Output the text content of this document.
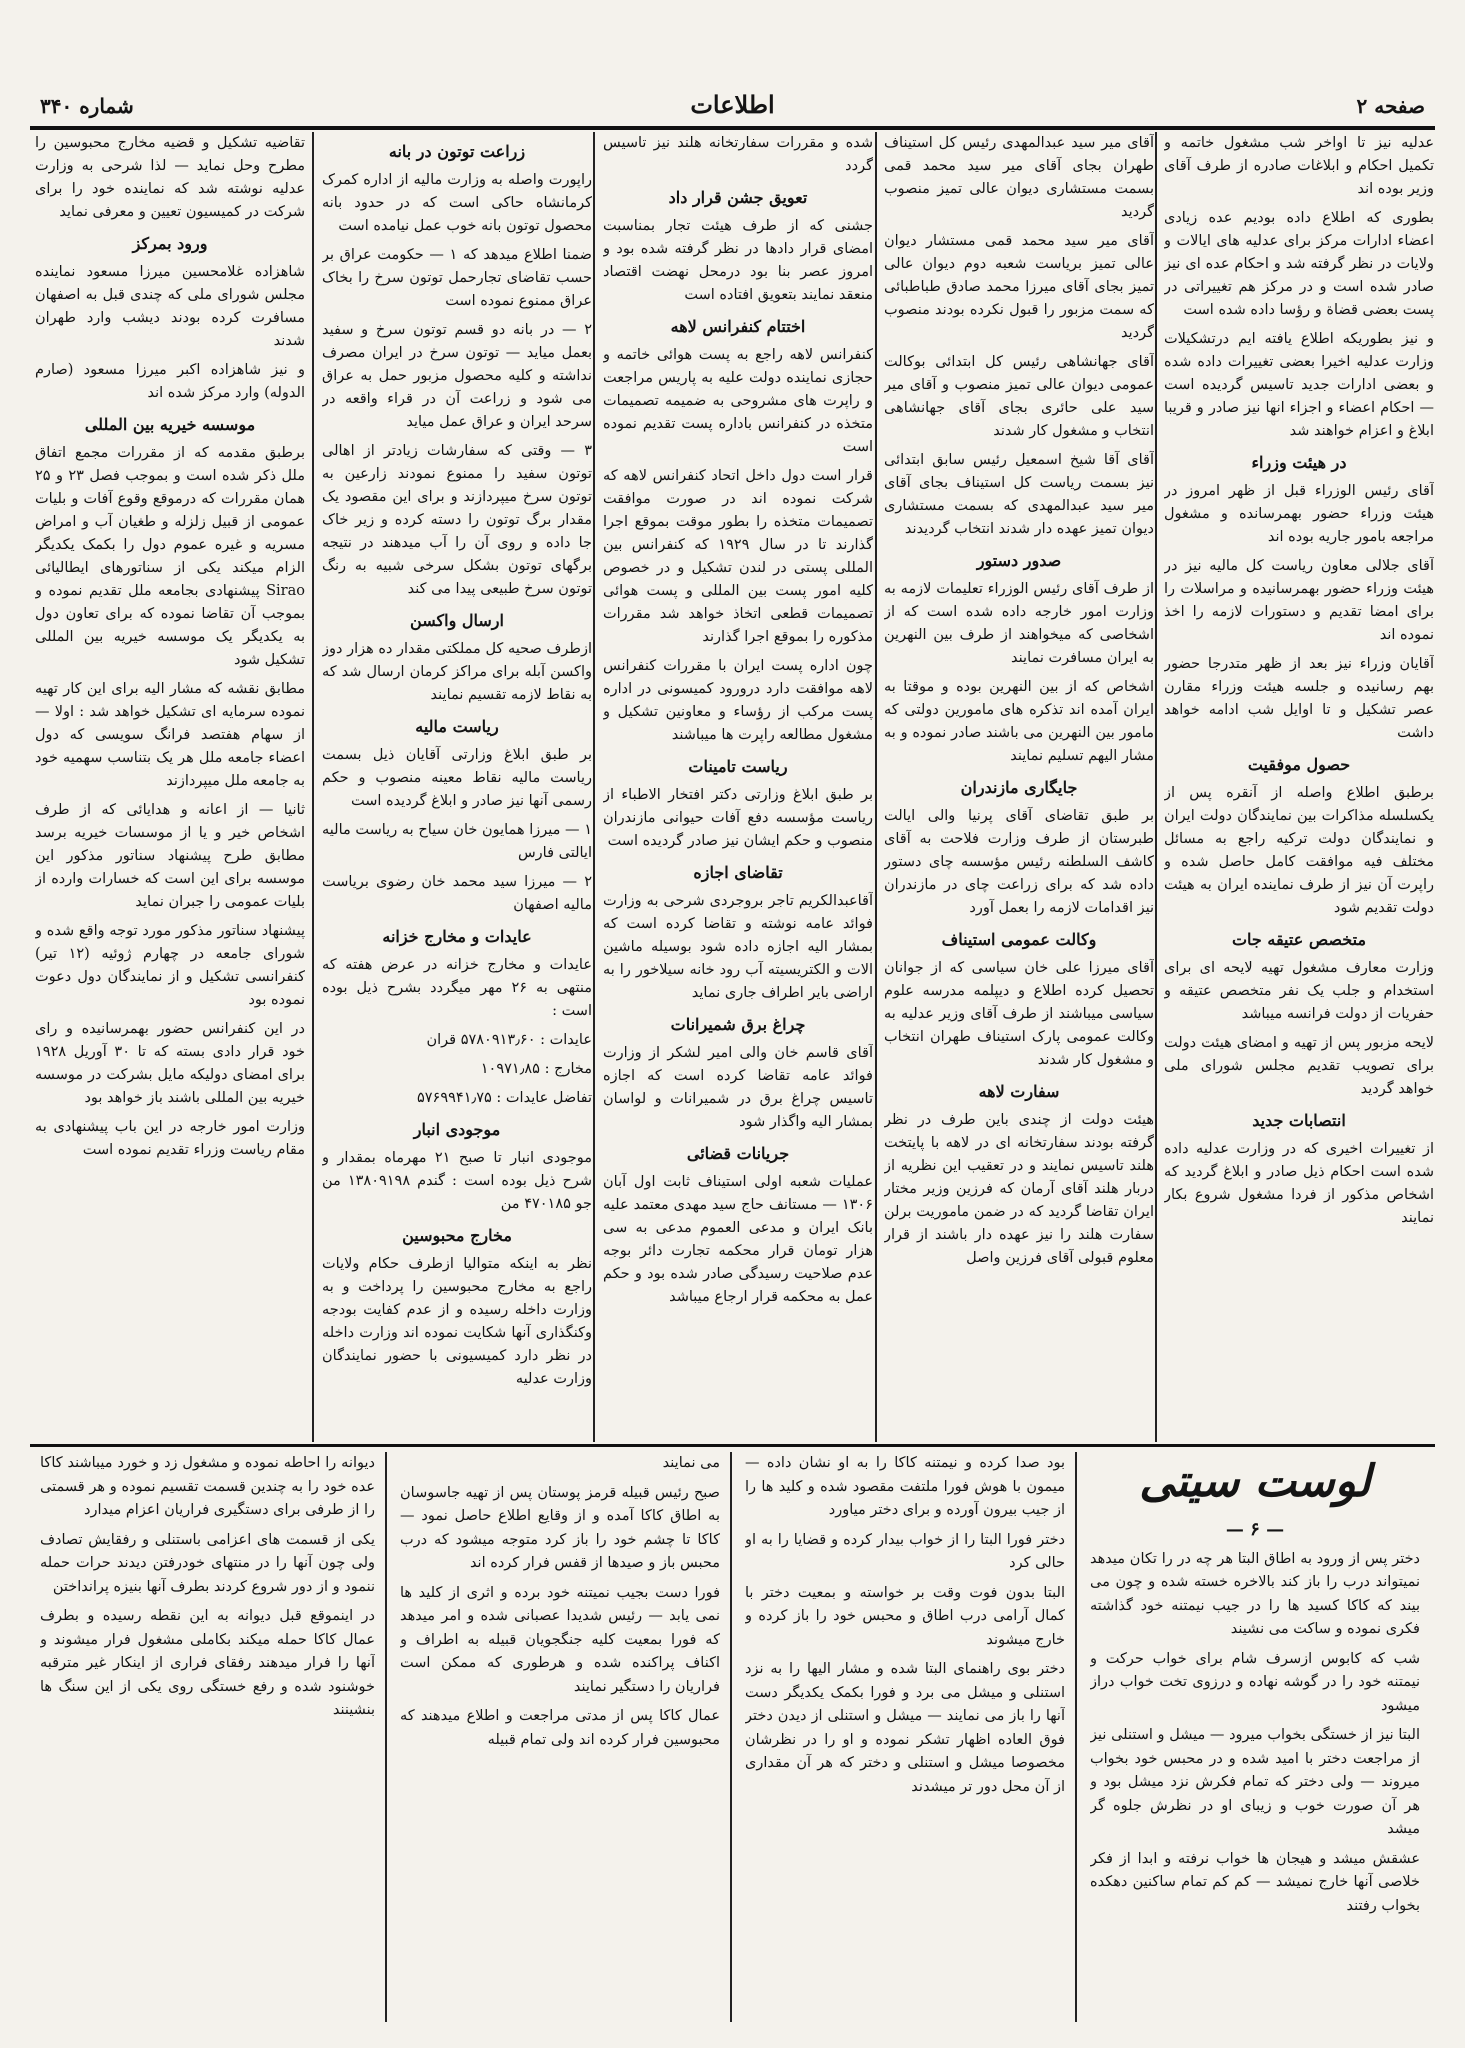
صفحه ۲
اطلاعات
شماره ۳۴۰

عدلیه نیز تا اواخر شب مشغول خاتمه و تکمیل احکام و ابلاغات صادره از طرف آقای وزیر بوده اند

بطوری که اطلاع داده بودیم عده زیادی اعضاء ادارات مرکز برای عدلیه های ایالات و ولایات در نظر گرفته شد و احکام عده ای نیز صادر شده است و در مرکز هم تغییراتی در پست بعضی قضاة و رؤسا داده شده است

و نیز بطوریکه اطلاع یافته ایم درتشکیلات وزارت عدلیه اخیرا بعضی تغییرات داده شده و بعضی ادارات جدید تاسیس گردیده است — احکام اعضاء و اجزاء انها نیز صادر و قریبا ابلاغ و اعزام خواهند شد

در هیئت وزراء

آقای رئیس الوزراء قبل از ظهر امروز در هیئت وزراء حضور بهمرسانده و مشغول مراجعه بامور جاریه بوده اند

آقای جلالی معاون ریاست کل مالیه نیز در هیئت وزراء حضور بهمرسانیده و مراسلات را برای امضا تقدیم و دستورات لازمه را اخذ نموده اند

آقایان وزراء نیز بعد از ظهر متدرجا حضور بهم رسانیده و جلسه هیئت وزراء مقارن عصر تشکیل و تا اوایل شب ادامه خواهد داشت

حصول موفقیت

برطبق اطلاع واصله از آنقره پس از یکسلسله مذاکرات بین نمایندگان دولت ایران و نمایندگان دولت ترکیه راجع به مسائل مختلف فیه موافقت کامل حاصل شده و راپرت آن نیز از طرف نماینده ایران به هیئت دولت تقدیم شود

متخصص عتیقه جات

وزارت معارف مشغول تهیه لایحه ای برای استخدام و جلب یک نفر متخصص عتیقه و حفریات از دولت فرانسه میباشد

لایحه مزبور پس از تهیه و امضای هیئت دولت برای تصویب تقدیم مجلس شورای ملی خواهد گردید

انتصابات جدید

از تغییرات اخیری که در وزارت عدلیه داده شده است احکام ذیل صادر و ابلاغ گردید که اشخاص مذکور از فردا مشغول شروع بکار نمایند

آقای میر سید عبدالمهدی رئیس کل استیناف طهران بجای آقای میر سید محمد قمی بسمت مستشاری دیوان عالی تمیز منصوب گردید

آقای میر سید محمد قمی مستشار دیوان عالی تمیز بریاست شعبه دوم دیوان عالی تمیز بجای آقای میرزا محمد صادق طباطبائی که سمت مزبور را قبول نکرده بودند منصوب گردید

آقای جهانشاهی رئیس کل ابتدائی بوکالت عمومی دیوان عالی تمیز منصوب و آقای میر سید علی حائری بجای آقای جهانشاهی انتخاب و مشغول کار شدند

آقای آقا شیخ اسمعیل رئیس سابق ابتدائی نیز بسمت ریاست کل استیناف بجای آقای میر سید عبدالمهدی که بسمت مستشاری دیوان تمیز عهده دار شدند انتخاب گردیدند

صدور دستور

از طرف آقای رئیس الوزراء تعلیمات لازمه به وزارت امور خارجه داده شده است که از اشخاصی که میخواهند از طرف بین النهرین به ایران مسافرت نمایند

اشخاص که از بین النهرین بوده و موقتا به ایران آمده اند تذکره های مامورین دولتی که مامور بین النهرین می باشند صادر نموده و به مشار الیهم تسلیم نمایند

جایگاری مازندران

بر طبق تقاضای آقای پرنیا والی ایالت طبرستان از طرف وزارت فلاحت به آقای کاشف السلطنه رئیس مؤسسه چای دستور داده شد که برای زراعت چای در مازندران نیز اقدامات لازمه را بعمل آورد

وکالت عمومی استیناف

آقای میرزا علی خان سیاسی که از جوانان تحصیل کرده اطلاع و دیپلمه مدرسه علوم سیاسی میباشند از طرف آقای وزیر عدلیه به وکالت عمومی پارک استیناف طهران انتخاب و مشغول کار شدند

سفارت لاهه

هیئت دولت از چندی باین طرف در نظر گرفته بودند سفارتخانه ای در لاهه با پایتخت هلند تاسیس نمایند و در تعقیب این نظریه از دربار هلند آقای آرمان که فرزین وزیر مختار ایران تقاضا گردید که در ضمن ماموریت برلن سفارت هلند را نیز عهده دار باشند از قرار معلوم قبولی آقای فرزین واصل

شده و مقررات سفارتخانه هلند نیز تاسیس گردد

تعویق جشن قرار داد

جشنی که از طرف هیئت تجار بمناسبت امضای قرار دادها در نظر گرفته شده بود و امروز عصر بنا بود درمحل نهضت اقتصاد منعقد نمایند بتعویق افتاده است

اختتام کنفرانس لاهه

کنفرانس لاهه راجع به پست هوائی خاتمه و حجازی نماینده دولت علیه به پاریس مراجعت و راپرت های مشروحی به ضمیمه تصمیمات متخذه در کنفرانس باداره پست تقدیم نموده است

قرار است دول داخل اتحاد کنفرانس لاهه که شرکت نموده اند در صورت موافقت تصمیمات متخذه را بطور موقت بموقع اجرا گذارند تا در سال ۱۹۲۹ که کنفرانس بین المللی پستی در لندن تشکیل و در خصوص کلیه امور پست بین المللی و پست هوائی تصمیمات قطعی اتخاذ خواهد شد مقررات مذکوره را بموقع اجرا گذارند

چون اداره پست ایران با مقررات کنفرانس لاهه موافقت دارد درورود کمیسونی در اداره پست مرکب از رؤساء و معاونین تشکیل و مشغول مطالعه راپرت ها میباشند

ریاست تامینات

بر طبق ابلاغ وزارتی دکتر افتخار الاطباء از ریاست مؤسسه دفع آفات حیوانی مازندران منصوب و حکم ایشان نیز صادر گردیده است

تقاضای اجازه

آقاعبدالکریم تاجر بروجردی شرحی به وزارت فوائد عامه نوشته و تقاضا کرده است که بمشار الیه اجازه داده شود بوسیله ماشین الات و الکتریسیته آب رود خانه سیلاخور را به اراضی بایر اطراف جاری نماید

چراغ برق شمیرانات

آقای قاسم خان والی امیر لشکر از وزارت فوائد عامه تقاضا کرده است که اجازه تاسیس چراغ برق در شمیرانات و لواسان بمشار الیه واگذار شود

جریانات قضائی

عملیات شعبه اولی استیناف ثابت اول آبان ۱۳۰۶ — مستانف حاج سید مهدی معتمد علیه بانک ایران و مدعی العموم مدعی به سی هزار تومان قرار محکمه تجارت دائر بوجه عدم صلاحیت رسیدگی صادر شده بود و حکم عمل به محکمه قرار ارجاع میباشد

زراعت توتون در بانه

راپورت واصله به وزارت مالیه از اداره کمرک کرمانشاه حاکی است که در حدود بانه محصول توتون بانه خوب عمل نیامده است

ضمنا اطلاع میدهد که ۱ — حکومت عراق بر حسب تقاضای تجارحمل توتون سرخ را بخاک عراق ممنوع نموده است

۲ — در بانه دو قسم توتون سرخ و سفید بعمل میاید — توتون سرخ در ایران مصرف نداشته و کلیه محصول مزبور حمل به عراق می شود و زراعت آن در قراء واقعه در سرحد ایران و عراق عمل میاید

۳ — وقتی که سفارشات زیادتر از اهالی توتون سفید را ممنوع نمودند زارعین به توتون سرخ میپردازند و برای این مقصود یک مقدار برگ توتون را دسته کرده و زیر خاک جا داده و روی آن را آب میدهند در نتیجه برگهای توتون بشکل سرخی شبیه به رنگ توتون سرخ طبیعی پیدا می کند

ارسال واکسن

ازطرف صحیه کل مملکتی مقدار ده هزار دوز واکسن آبله برای مراکز کرمان ارسال شد که به نقاط لازمه تقسیم نمایند

ریاست مالیه

بر طبق ابلاغ وزارتی آقایان ذیل بسمت ریاست مالیه نقاط معینه منصوب و حکم رسمی آنها نیز صادر و ابلاغ گردیده است

۱ — میرزا همایون خان سیاح به ریاست مالیه ایالتی فارس

۲ — میرزا سید محمد خان رضوی بریاست مالیه اصفهان

عایدات و مخارج خزانه

عایدات و مخارج خزانه در عرض هفته که منتهی به ۲۶ مهر میگردد بشرح ذیل بوده است :

عایدات : ۵۷۸۰۹۱۳٫۶۰ قران

مخارج : ۱۰۹۷۱٫۸۵

تفاضل عایدات : ۵۷۶۹۹۴۱٫۷۵

موجودی انبار

موجودی انبار تا صبح ۲۱ مهرماه بمقدار و شرح ذیل بوده است : گندم ۱۳۸۰۹۱۹۸ من جو ۴۷۰۱۸۵ من

مخارج محبوسین

نظر به اینکه متوالیا ازطرف حکام ولایات راجع به مخارج محبوسین را پرداخت و به وزارت داخله رسیده و از عدم کفایت بودجه وکنگذاری آنها شکایت نموده اند وزارت داخله در نظر دارد کمیسیونی با حضور نمایندگان وزارت عدلیه

تقاضیه تشکیل و قضیه مخارج محبوسین را مطرح وحل نماید — لذا شرحی به وزارت عدلیه نوشته شد که نماینده خود را برای شرکت در کمیسیون تعیین و معرفی نماید

ورود بمرکز

شاهزاده غلامحسین میرزا مسعود نماینده مجلس شورای ملی که چندی قبل به اصفهان مسافرت کرده بودند دیشب وارد طهران شدند

و نیز شاهزاده اکبر میرزا مسعود (صارم الدوله) وارد مرکز شده اند

موسسه خیریه بین المللی

برطبق مقدمه که از مقررات مجمع اتفاق ملل ذکر شده است و بموجب فصل ۲۳ و ۲۵ همان مقررات که درموقع وقوع آفات و بلیات عمومی از قبیل زلزله و طغیان آب و امراض مسریه و غیره عموم دول را بکمک یکدیگر الزام میکند یکی از سناتورهای ایطالیائی Sirao پیشنهادی بجامعه ملل تقدیم نموده و بموجب آن تقاضا نموده که برای تعاون دول به یکدیگر یک موسسه خیریه بین المللی تشکیل شود

مطابق نقشه که مشار الیه برای این کار تهیه نموده سرمایه ای تشکیل خواهد شد : اولا — از سهام هفتصد فرانگ سویسی که دول اعضاء جامعه ملل هر یک بتناسب سهمیه خود به جامعه ملل میپردازند

ثانیا — از اعانه و هدایائی که از طرف اشخاص خیر و یا از موسسات خیریه برسد مطابق طرح پیشنهاد سناتور مذکور این موسسه برای این است که خسارات وارده از بلیات عمومی را جبران نماید

پیشنهاد سناتور مذکور مورد توجه واقع شده و شورای جامعه در چهارم ژوئیه (۱۲ تیر) کنفرانسی تشکیل و از نمایندگان دول دعوت نموده بود

در این کنفرانس حضور بهمرسانیده و رای خود قرار دادی بسته که تا ۳۰ آوریل ۱۹۲۸ برای امضای دولیکه مایل بشرکت در موسسه خیریه بین المللی باشند باز خواهد بود

وزارت امور خارجه در این باب پیشنهادی به مقام ریاست وزراء تقدیم نموده است

لوست سیتی

— ۶ —

دختر پس از ورود به اطاق البتا هر چه در را تکان میدهد نمیتواند درب را باز کند بالاخره خسته شده و چون می بیند که کاکا کسید ها را در جیب نیمتنه خود گذاشته فکری نموده و ساکت می نشیند

شب که کابوس ازسرف شام برای خواب حرکت و نیمتنه خود را در گوشه نهاده و درزوی تخت خواب دراز میشود

البتا نیز از خستگی بخواب میرود — میشل و استنلی نیز از مراجعت دختر با امید شده و در محبس خود بخواب میروند — ولی دختر که تمام فکرش نزد میشل بود و هر آن صورت خوب و زیبای او در نظرش جلوه گر میشد

عشقش میشد و هیجان ها خواب نرفته و ابدا از فکر خلاصی آنها خارج نمیشد — کم کم تمام ساکنین دهکده بخواب رفتند

بود صدا کرده و نیمتنه کاکا را به او نشان داده — میمون با هوش فورا ملتفت مقصود شده و کلید ها را از جیب بیرون آورده و برای دختر میاورد

دختر فورا البتا را از خواب بیدار کرده و قضایا را به او حالی کرد

البتا بدون فوت وقت بر خواسته و بمعیت دختر با کمال آرامی درب اطاق و محبس خود را باز کرده و خارج میشوند

دختر بوی راهنمای البتا شده و مشار الیها را به نزد استنلی و میشل می برد و فورا بکمک یکدیگر دست آنها را باز می نمایند — میشل و استنلی از دیدن دختر فوق العاده اظهار تشکر نموده و او را در نظرشان مخصوصا میشل و استنلی و دختر که هر آن مقداری از آن محل دور تر میشدند

می نمایند

صبح رئیس قبیله قرمز پوستان پس از تهیه جاسوسان به اطاق کاکا آمده و از وقایع اطلاع حاصل نمود — کاکا تا چشم خود را باز کرد متوجه میشود که درب محبس باز و صیدها از قفس فرار کرده اند

فورا دست بجیب نمیتنه خود برده و اثری از کلید ها نمی یابد — رئیس شدیدا عصبانی شده و امر میدهد که فورا بمعیت کلیه جنگجویان قبیله به اطراف و اکناف پراکنده شده و هرطوری که ممکن است فراریان را دستگیر نمایند

عمال کاکا پس از مدتی مراجعت و اطلاع میدهند که محبوسین فرار کرده اند ولی تمام قبیله

دیوانه را احاطه نموده و مشغول زد و خورد میباشند کاکا عده خود را به چندین قسمت تقسیم نموده و هر قسمتی را از طرفی برای دستگیری فراریان اعزام میدارد

یکی از قسمت های اعزامی باستنلی و رفقایش تصادف ولی چون آنها را در منتهای خودرفتن دیدند حرات حمله ننمود و از دور شروع کردند بطرف آنها بنیزه پرانداختن

در اینموقع قبل دیوانه به این نقطه رسیده و بطرف عمال کاکا حمله میکند بکاملی مشغول فرار میشوند و آنها را فرار میدهند رفقای فراری از اینکار غیر مترقبه خوشنود شده و رفع خستگی روی یکی از این سنگ ها بنشینند
